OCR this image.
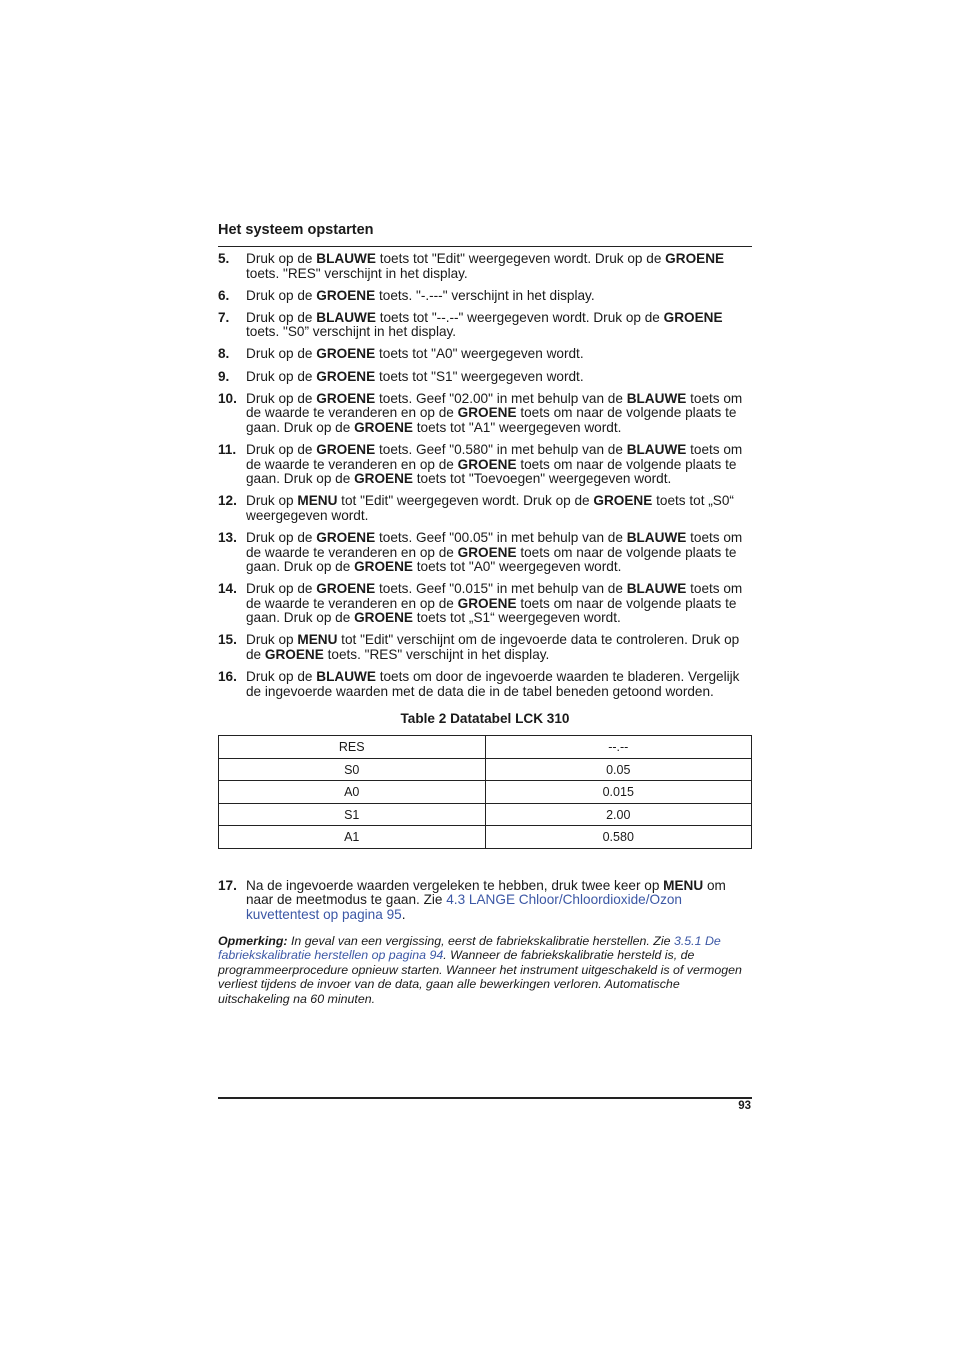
Het systeem opstarten
5. Druk op de BLAUWE toets tot "Edit" weergegeven wordt. Druk op de GROENE toets. "RES" verschijnt in het display.
6. Druk op de GROENE toets. "-.---" verschijnt in het display.
7. Druk op de BLAUWE toets tot "--.--" weergegeven wordt. Druk op de GROENE toets. "S0” verschijnt in het display.
8. Druk op de GROENE toets tot "A0" weergegeven wordt.
9. Druk op de GROENE toets tot "S1" weergegeven wordt.
10. Druk op de GROENE toets. Geef "02.00" in met behulp van de BLAUWE toets om de waarde te veranderen en op de GROENE toets om naar de volgende plaats te gaan. Druk op de GROENE toets tot "A1" weergegeven wordt.
11. Druk op de GROENE toets. Geef "0.580" in met behulp van de BLAUWE toets om de waarde te veranderen en op de GROENE toets om naar de volgende plaats te gaan. Druk op de GROENE toets tot "Toevoegen" weergegeven wordt.
12. Druk op MENU tot "Edit" weergegeven wordt. Druk op de GROENE toets tot „S0“ weergegeven wordt.
13. Druk op de GROENE toets. Geef "00.05" in met behulp van de BLAUWE toets om de waarde te veranderen en op de GROENE toets om naar de volgende plaats te gaan. Druk op de GROENE toets tot "A0" weergegeven wordt.
14. Druk op de GROENE toets. Geef "0.015" in met behulp van de BLAUWE toets om de waarde te veranderen en op de GROENE toets om naar de volgende plaats te gaan. Druk op de GROENE toets tot „S1“ weergegeven wordt.
15. Druk op MENU tot "Edit" verschijnt om de ingevoerde data te controleren. Druk op de GROENE toets. "RES" verschijnt in het display.
16. Druk op de BLAUWE toets om door de ingevoerde waarden te bladeren. Vergelijk de ingevoerde waarden met de data die in de tabel beneden getoond worden.
Table 2 Datatabel LCK 310
RES	--.--
S0	0.05
A0	0.015
S1	2.00
A1	0.580
17. Na de ingevoerde waarden vergeleken te hebben, druk twee keer op MENU om naar de meetmodus te gaan. Zie 4.3 LANGE Chloor/Chloordioxide/Ozon kuvettentest op pagina 95.
Opmerking: In geval van een vergissing, eerst de fabriekskalibratie herstellen. Zie 3.5.1 De fabriekskalibratie herstellen op pagina 94. Wanneer de fabriekskalibratie hersteld is, de programmeerprocedure opnieuw starten. Wanneer het instrument uitgeschakeld is of vermogen verliest tijdens de invoer van de data, gaan alle bewerkingen verloren. Automatische uitschakeling na 60 minuten.
93
